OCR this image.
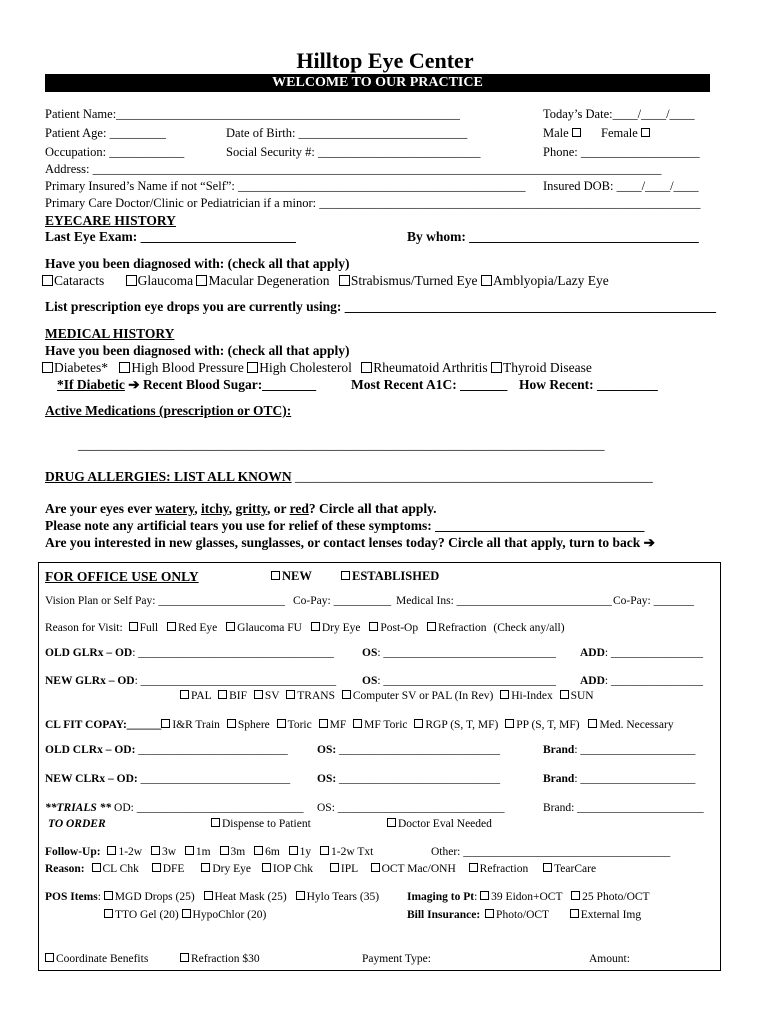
Hilltop Eye Center
WELCOME TO OUR PRACTICE
Patient Name:_______________________________________________________	Today’s Date:____/____/____
Patient Age: _________	Date of Birth: ___________________________	Male	Female
Occupation: ____________	Social Security #: __________________________	Phone: ___________________
Address: ___________________________________________________________________________________________
Primary Insured’s Name if not “Self”: ______________________________________________ Insured DOB: ____/____/____
Primary Care Doctor/Clinic or Pediatrician if a minor: _____________________________________________________________
EYECARE HISTORY
Last Eye Exam: _______________________	By whom: __________________________________
Have you been diagnosed with: (check all that apply)
Cataracts Glaucoma Macular Degeneration Strabismus/Turned Eye Amblyopia/Lazy Eye
List prescription eye drops you are currently using: _______________________________________________________
MEDICAL HISTORY
Have you been diagnosed with: (check all that apply)
Diabetes* High Blood Pressure High Cholesterol Rheumatoid Arthritis Thyroid Disease
*If Diabetic ➔ Recent Blood Sugar:________	Most Recent A1C: _______ How Recent: _________
Active Medications (prescription or OTC):
______________________________________________________________________________
DRUG ALLERGIES: LIST ALL KNOWN _____________________________________________________
Are your eyes ever watery, itchy, gritty, or red? Circle all that apply.
Please note any artificial tears you use for relief of these symptoms: _______________________________
Are you interested in new glasses, sunglasses, or contact lenses today? Circle all that apply, turn to back ➔
FOR OFFICE USE ONLY	NEW	ESTABLISHED
Vision Plan or Self Pay: ______________________ Co-Pay: __________ Medical Ins: ___________________________ Co-Pay: _______
Reason for Visit: Full Red Eye Glaucoma FU Dry Eye Post-Op Refraction (Check any/all)
OLD GLRx – OD: __________________________________ OS: ______________________________ ADD: ________________
NEW GLRx – OD: __________________________________ OS: ______________________________ ADD: ________________
PAL BIF SV TRANS Computer SV or PAL (In Rev) Hi-Index SUN
CL FIT COPAY:______ I&R Train Sphere Toric MF MF Toric RGP (S, T, MF) PP (S, T, MF) Med. Necessary
OLD CLRx – OD: __________________________	OS: ____________________________	Brand: ____________________
NEW CLRx – OD: __________________________ OS: ____________________________	Brand: ____________________
**TRIALS ** OD: _____________________________ OS: _____________________________	Brand: ______________________
TO ORDER	Dispense to Patient	Doctor Eval Needed
Follow-Up: 1-2w 3w 1m 3m 6m 1y 1-2w Txt	Other: ____________________________________
Reason: CL Chk DFE Dry Eye IOP Chk IPL OCT Mac/ONH Refraction TearCare
POS Items: MGD Drops (25) Heat Mask (25) Hylo Tears (35)
TTO Gel (20) HypoChlor (20)
Imaging to Pt: 39 Eidon+OCT 25 Photo/OCT
Bill Insurance: Photo/OCT	External Img
Coordinate Benefits	Refraction $30	Payment Type:	Amount:
